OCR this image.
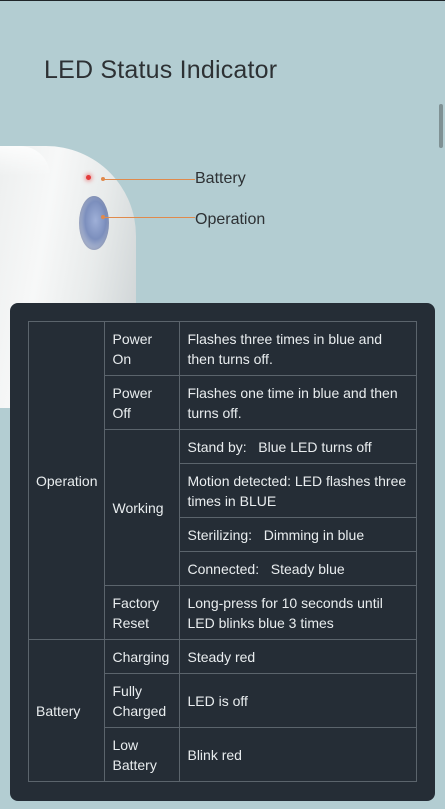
LED Status Indicator
Battery
Operation
Operation	Power On	Flashes three times in blue and then turns off.
	Power Off	Flashes one time in blue and then turns off.
	Working	Stand by:   Blue LED turns off
		Motion detected: LED flashes three times in BLUE
		Sterilizing:   Dimming in blue
		Connected:   Steady blue
	Factory Reset	Long-press for 10 seconds until LED blinks blue 3 times
Battery	Charging	Steady red
	Fully Charged	LED is off
	Low Battery	Blink red
